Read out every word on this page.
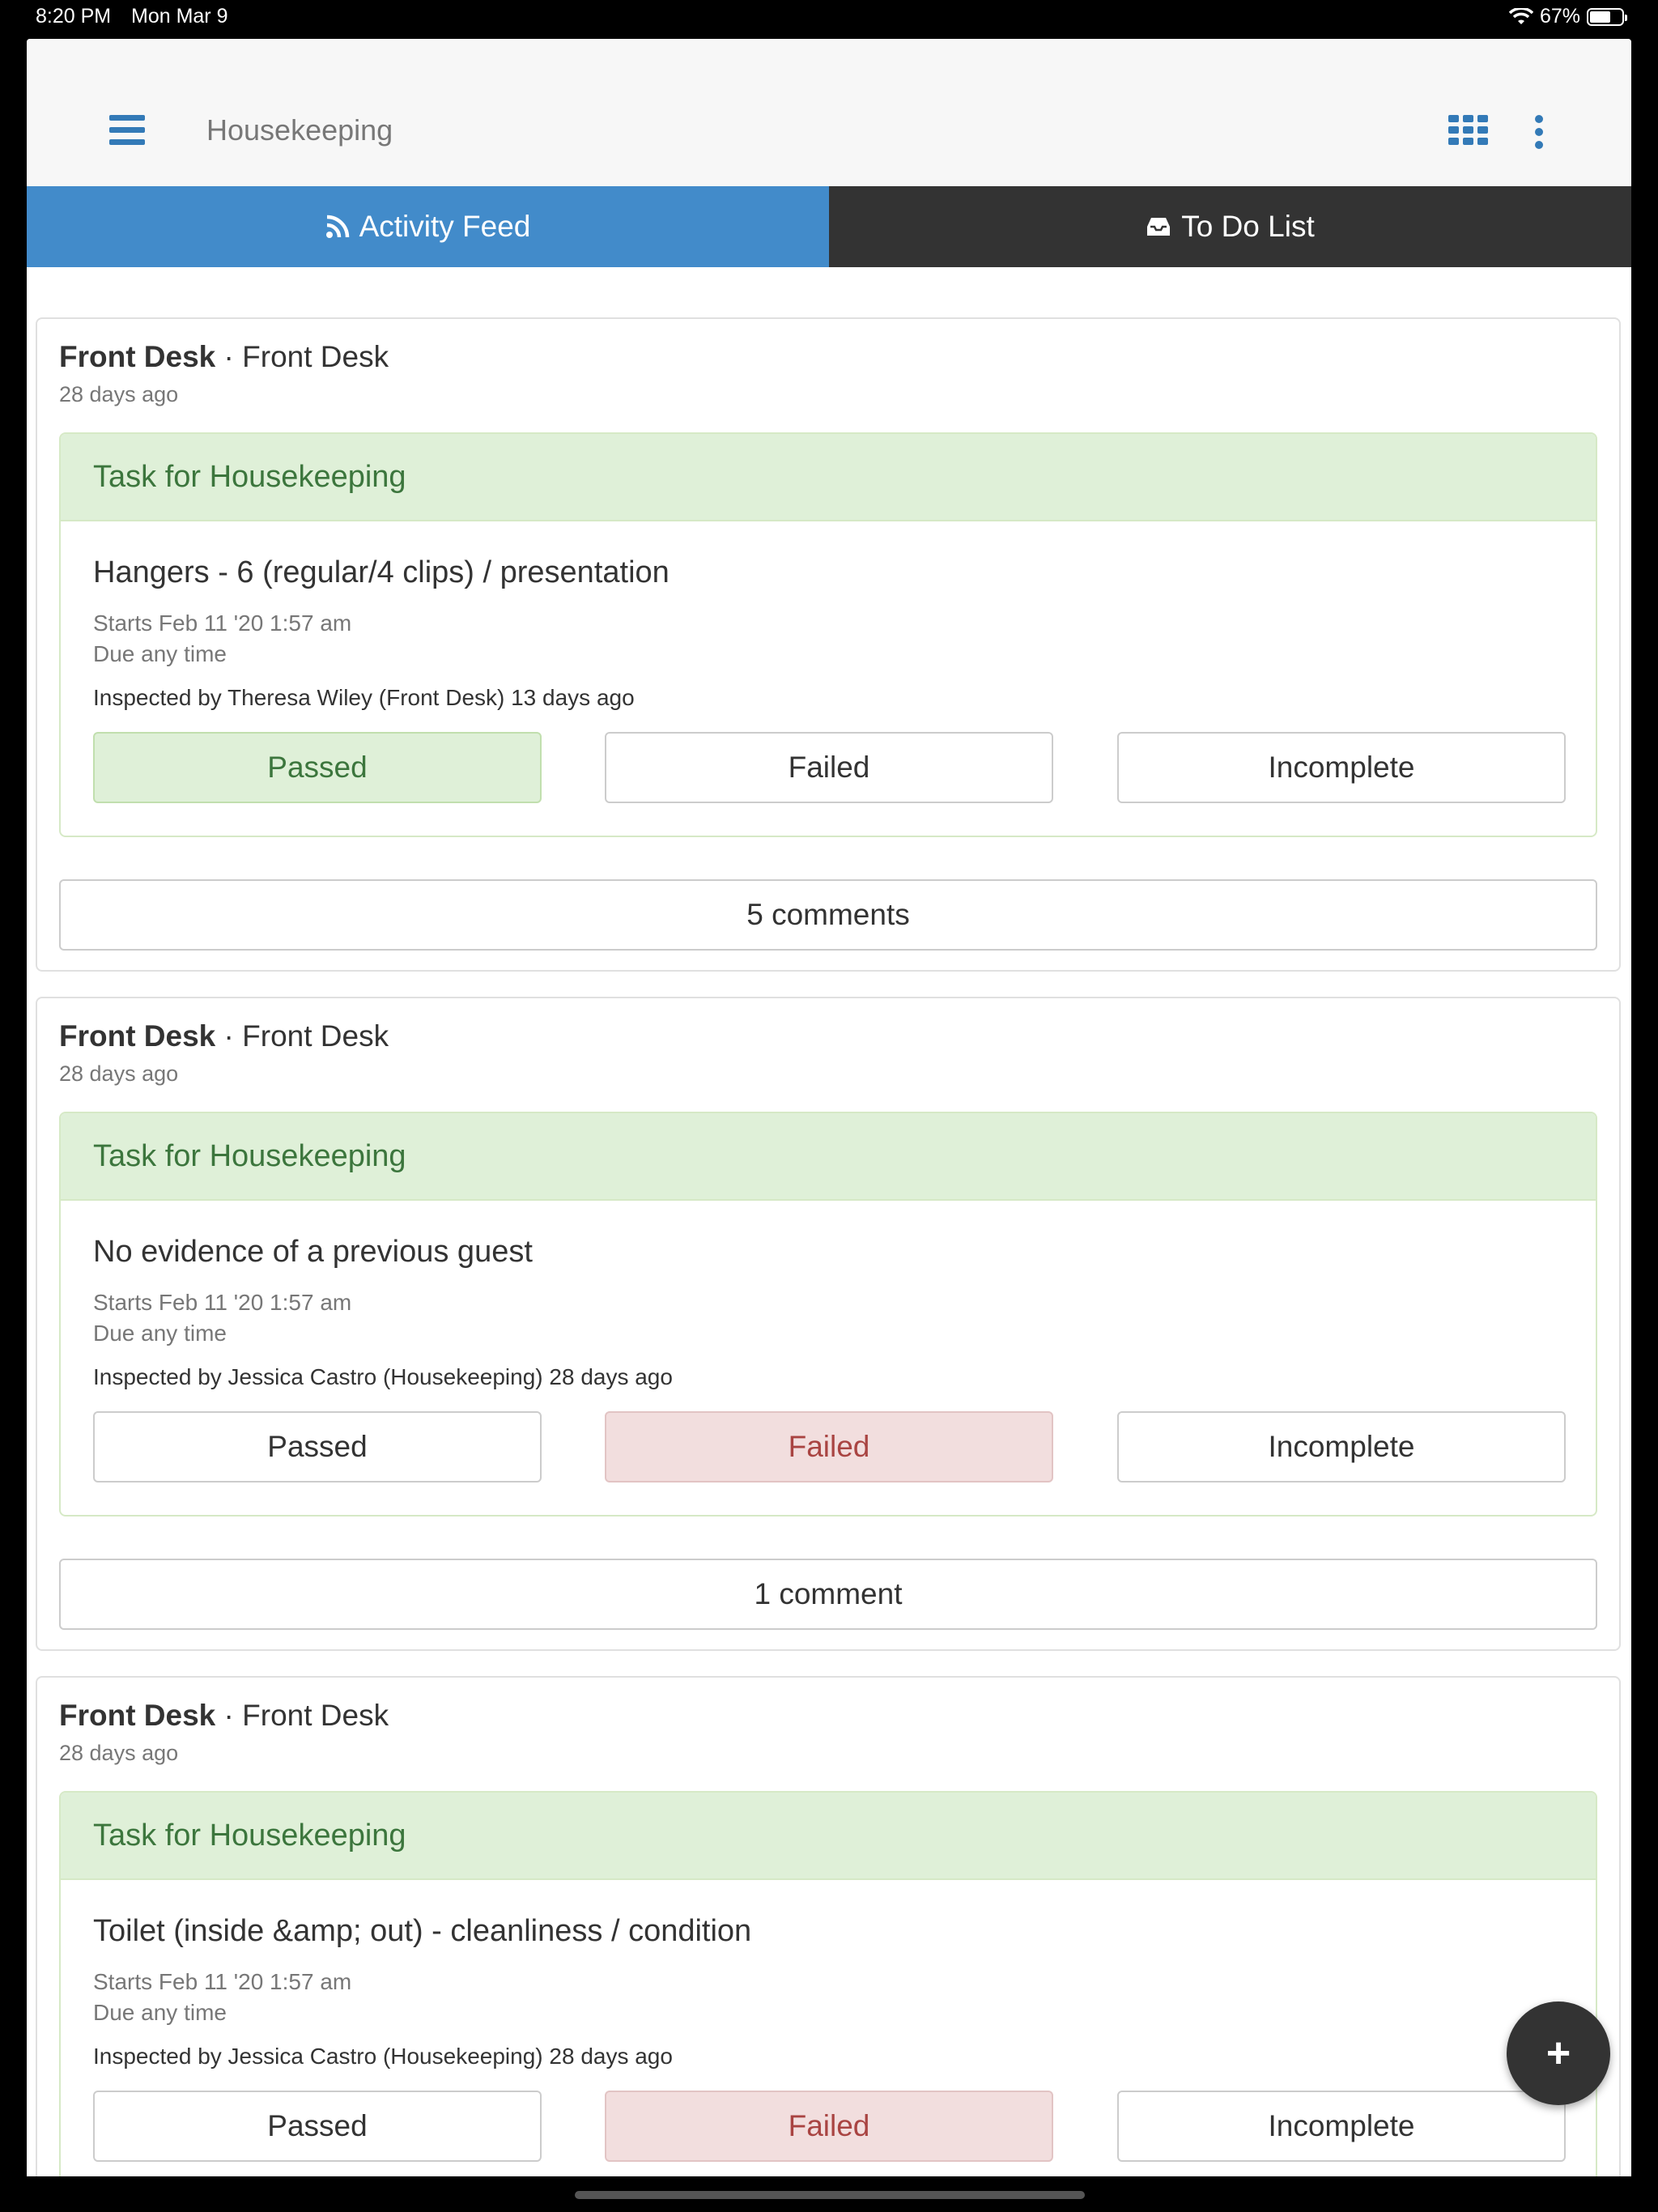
8:20 PM Mon Mar 9	67%
Housekeeping
Activity Feed	To Do List
Front Desk · Front Desk
28 days ago
Task for Housekeeping
Hangers - 6 (regular/4 clips) / presentation
Starts Feb 11 '20 1:57 am
Due any time
Inspected by Theresa Wiley (Front Desk) 13 days ago
Passed	Failed	Incomplete
5 comments
Front Desk · Front Desk
28 days ago
Task for Housekeeping
No evidence of a previous guest
Starts Feb 11 '20 1:57 am
Due any time
Inspected by Jessica Castro (Housekeeping) 28 days ago
Passed	Failed	Incomplete
1 comment
Front Desk · Front Desk
28 days ago
Task for Housekeeping
Toilet (inside &amp; out) - cleanliness / condition
Starts Feb 11 '20 1:57 am
Due any time
Inspected by Jessica Castro (Housekeeping) 28 days ago
Passed	Failed	Incomplete
+
